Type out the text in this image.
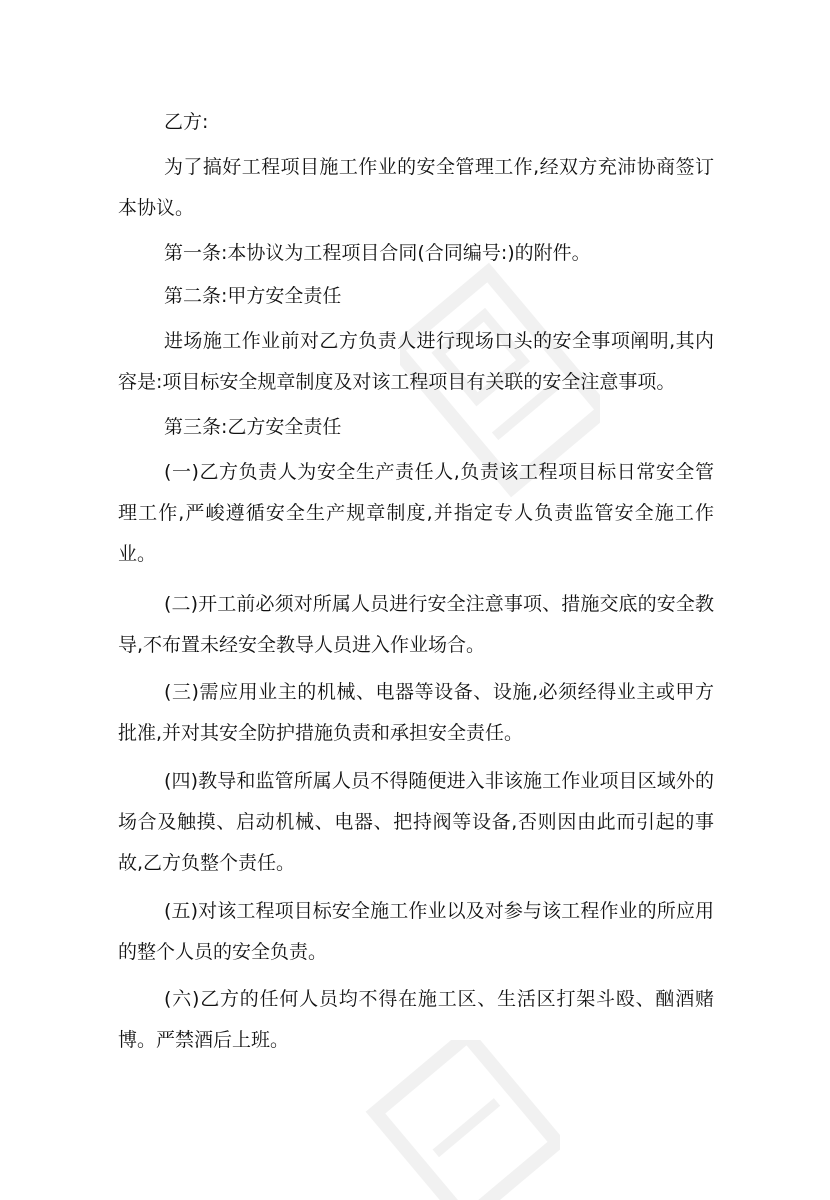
乙方:

为了搞好工程项目施工作业的安全管理工作,经双方充沛协商签订本协议。

第一条:本协议为工程项目合同(合同编号:)的附件。

第二条:甲方安全责任

进场施工作业前对乙方负责人进行现场口头的安全事项阐明,其内容是:项目标安全规章制度及对该工程项目有关联的安全注意事项。

第三条:乙方安全责任

(一)乙方负责人为安全生产责任人,负责该工程项目标日常安全管理工作,严峻遵循安全生产规章制度,并指定专人负责监管安全施工作业。

(二)开工前必须对所属人员进行安全注意事项、措施交底的安全教导,不布置未经安全教导人员进入作业场合。

(三)需应用业主的机械、电器等设备、设施,必须经得业主或甲方批准,并对其安全防护措施负责和承担安全责任。

(四)教导和监管所属人员不得随便进入非该施工作业项目区域外的场合及触摸、启动机械、电器、把持阀等设备,否则因由此而引起的事故,乙方负整个责任。

(五)对该工程项目标安全施工作业以及对参与该工程作业的所应用的整个人员的安全负责。

(六)乙方的任何人员均不得在施工区、生活区打架斗殴、酗酒赌博。严禁酒后上班。
